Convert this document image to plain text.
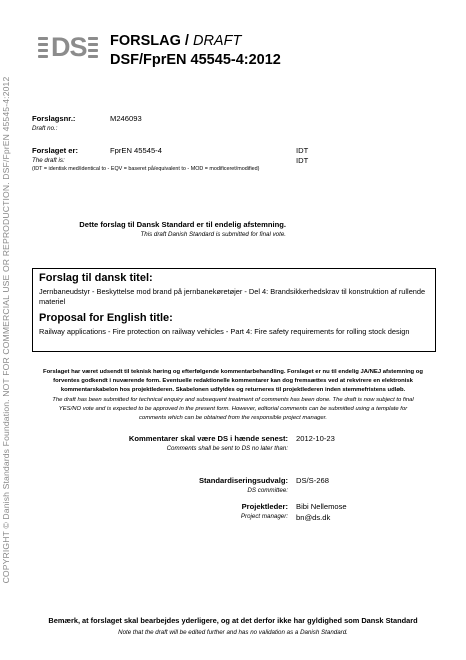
COPYRIGHT © Danish Standards Foundation. NOT FOR COMMERCIAL USE OR REPRODUCTION. DSF/FprEN 45545-4:2012
DS FORSLAG / DRAFT
DSF/FprEN 45545-4:2012
Forslagsnr.:	M246093
Draft no.:
Forslaget er:	FprEN 45545-4	IDT
The draft is:	IDT
(IDT = identisk med/identical to - EQV = baseret på/equivalent to - MOD = modificeret/modified)
Dette forslag til Dansk Standard er til endelig afstemning.
This draft Danish Standard is submitted for final vote.
Forslag til dansk titel:
Jernbaneudstyr - Beskyttelse mod brand på jernbanekøretøjer - Del 4: Brandsikkerhedskrav til konstruktion af rullende materiel
Proposal for English title:
Railway applications - Fire protection on railway vehicles - Part 4: Fire safety requirements for rolling stock design
Forslaget har været udsendt til teknisk høring og efterfølgende kommentarbehandling. Forslaget er nu til endelig JA/NEJ afstemning og
forventes godkendt i nuværende form. Eventuelle redaktionelle kommentarer kan dog fremsættes ved at rekvirere en elektronisk
kommentarskabelon hos projektlederen. Skabelonen udfyldes og returneres til projektlederen inden stemmefristens udløb.
The draft has been submitted for technical enquiry and subsequent treatment of comments has been done. The draft is now subject to final
YES/NO vote and is expected to be approved in the present form. However, editorial comments can be submitted using a template for
comments which can be obtained from the responsible project manager.
Kommentarer skal være DS i hænde senest: 2012-10-23
Comments shall be sent to DS no later than:
Standardiseringsudvalg: DS/S-268
DS committee:
Projektleder: Bibi Nellemose
Project manager: bn@ds.dk
Bemærk, at forslaget skal bearbejdes yderligere, og at det derfor ikke har gyldighed som Dansk Standard
Note that the draft will be edited further and has no validation as a Danish Standard.
